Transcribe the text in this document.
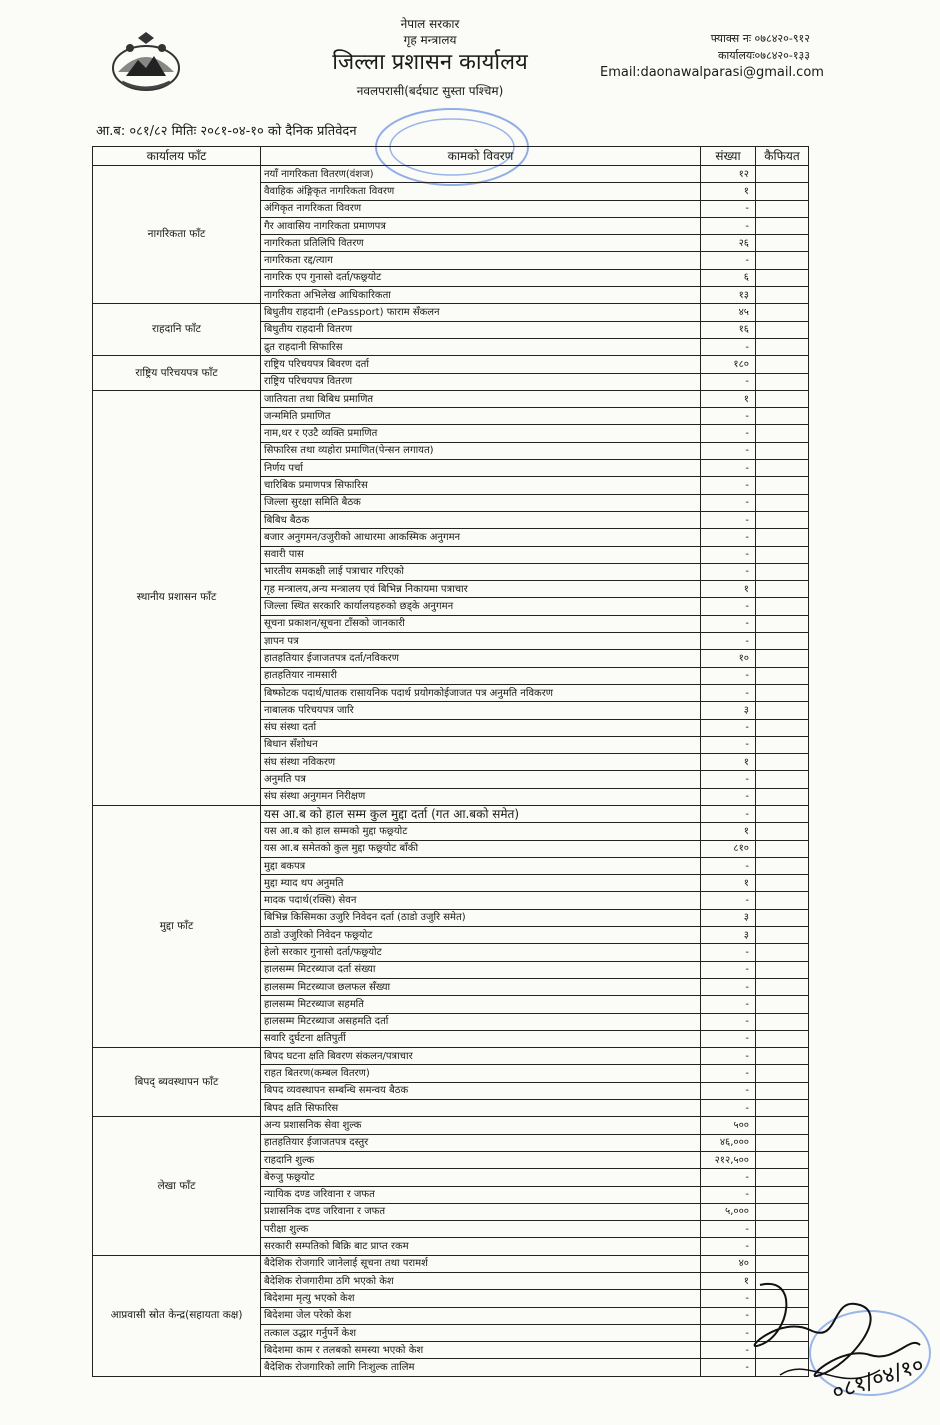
नेपाल सरकार
गृह मन्त्रालय
जिल्ला प्रशासन कार्यालय
नवलपरासी(बर्दघाट सुस्ता पश्चिम)
फ्याक्स नः ०७८४२०-९१२
कार्यालयः०७८४२०-१३३
Email:daonawalparasi@gmail.com
आ.ब: ०८१/८२ मितिः २०८१-०४-१० को दैनिक प्रतिवेदन
कार्यालय फाँट	कामको विवरण	संख्या	कैफियत
नागरिकता फाँट	नयाँ नागरिकता वितरण(वंशज)	१२	
	वैवाहिक अंङ्गिकृत नागरिकता विवरण	१	
	अंगिकृत नागरिकता विवरण	-	
	गैर आवासिय नागरिकता प्रमाणपत्र	-	
	नागरिकता प्रतिलिपि वितरण	२६	
	नागरिकता रद्द/त्याग	-	
	नागरिक एप गुनासो दर्ता/फछ्र्योट	६	
	नागरिकता अभिलेख आधिकारिकता	१३	
राहदानि फाँट	बिधुतीय राहदानी (ePassport) फाराम सँकलन	४५	
	बिधुतीय राहदानी वितरण	१६	
	द्रुत राहदानी सिफारिस	-	
राष्ट्रिय परिचयपत्र फाँट	राष्ट्रिय परिचयपत्र बिवरण दर्ता	१८०	
	राष्ट्रिय परिचयपत्र वितरण	-	
स्थानीय प्रशासन फाँट	जातियता तथा बिबिध प्रमाणित	१	
	जन्ममिति प्रमाणित	-	
	नाम,थर र एउटै व्यक्ति प्रमाणित	-	
	सिफारिस तथा व्यहोरा प्रमाणित(पेन्सन लगायत)	-	
	निर्णय पर्चा	-	
	चारिबिक प्रमाणपत्र सिफारिस	-	
	जिल्ला सुरक्षा समिति बैठक	-	
	बिबिध बैठक	-	
	बजार अनुगमन/उजुरीको आधारमा आकस्मिक अनुगमन	-	
	सवारी पास	-	
	भारतीय समकक्षी लाई पत्राचार गरिएको	-	
	गृह मन्त्रालय,अन्य मन्त्रालय एवं बिभिन्न निकायमा पत्राचार	१	
	जिल्ला स्थित सरकारि कार्यालयहरुको छड्के अनुगमन	-	
	सूचना प्रकाशन/सूचना टाँसको जानकारी	-	
	ज्ञापन पत्र	-	
	हातहतियार ईजाजतपत्र दर्ता/नविकरण	१०	
	हातहतियार नामसारी	-	
	बिष्फोटक पदार्थ/घातक रासायनिक पदार्थ प्रयोगकोईजाजत पत्र अनुमति नविकरण	-	
	नाबालक परिचयपत्र जारि	३	
	संघ संस्था दर्ता	-	
	बिधान सँशोधन	-	
	संघ संस्था नविकरण	१	
	अनुमति पत्र	-	
	संघ संस्था अनुगमन निरीक्षण	-	
मुद्दा फाँट	यस आ.ब को हाल सम्म कुल मुद्दा दर्ता (गत आ.बको समेत)	-	
	यस आ.ब को हाल सम्मको मुद्दा फछ्र्योट	१	
	यस आ.ब समेतको कुल मुद्दा फछ्र्योट बाँकी	८१०	
	मुद्दा बकपत्र	-	
	मुद्दा म्याद थप अनुमति	१	
	मादक पदार्थ(रक्सि) सेवन	-	
	बिभिन्न किसिमका उजुरि निवेदन दर्ता (ठाडो उजुरि समेत)	३	
	ठाडो उजुरिको निवेदन फछ्र्योट	३	
	हेलो सरकार गुनासो दर्ता/फछ्र्योट	-	
	हालसम्म मिटरब्याज दर्ता संख्या	-	
	हालसम्म मिटरब्याज छलफल सँख्या	-	
	हालसम्म मिटरब्याज सहमति	-	
	हालसम्म मिटरब्याज असहमति दर्ता	-	
	सवारि दुर्घटना क्षतिपुर्ती	-	
बिपद् ब्यवस्थापन फाँट	बिपद घटना क्षति बिवरण संकलन/पत्राचार	-	
	राहत बितरण(कम्बल वितरण)	-	
	बिपद व्यवस्थापन सम्बन्धि समन्वय बैठक	-	
	बिपद क्षति सिफारिस	-	
लेखा फाँट	अन्य प्रशासनिक सेवा शुल्क	५००	
	हातहतियार ईजाजतपत्र दस्तुर	४६,०००	
	राहदानि शुल्क	२१२,५००	
	बेरुजु फछ्र्योट	-	
	न्यायिक दण्ड जरिवाना र जफत	-	
	प्रशासनिक दण्ड जरिवाना र जफत	५,०००	
	परीक्षा शुल्क	-	
	सरकारी सम्पतिको बिक्रि बाट प्राप्त रकम	-	
आप्रवासी स्रोत केन्द्र(सहायता कक्ष)	बैदेशिक रोजगारि जानेलाई सूचना तथा परामर्श	४०	
	बैदेशिक रोजगारीमा ठगि भएको केश	१	
	बिदेशमा मृत्यु भएको केश	-	
	बिदेशमा जेल परेको केश	-	
	तत्काल उद्धार गर्नुपर्ने केश	-	
	बिदेशमा काम र तलबको समस्या भएको केश	-	
	बैदेशिक रोजगारिको लागि निःशुल्क तालिम	-		०८१/०४/१०
